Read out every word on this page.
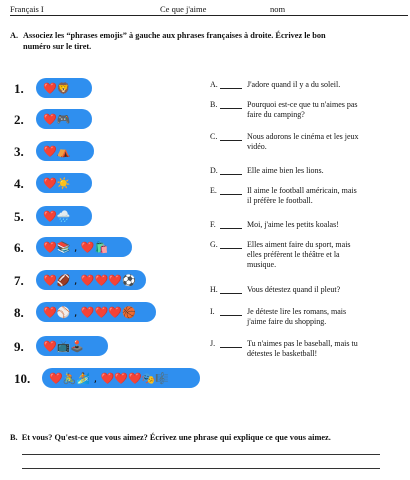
Français I	Ce que j'aime	nom
A. Associez les “phrases emojis” à gauche aux phrases françaises à droite. Écrivez le bon
numéro sur le tiret.
1. ❤️🦁
2. ❤️🎮
3. ❤️⛺
4. ❤️☀️
5. ❤️🌧️
6. ❤️📚 , ❤️🛍️
7. ❤️🏈 , ❤️❤️❤️⚽
8. ❤️⚾ , ❤️❤️❤️🏀
9. ❤️📺🕹️
10. ❤️🚴🏄 , ❤️❤️❤️🎭🎼
A.	J'adore quand il y a du soleil.
B.	Pourquoi est-ce que tu n'aimes pas
faire du camping?
C.	Nous adorons le cinéma et les jeux
vidéo.
D.	Elle aime bien les lions.
E.	Il aime le football américain, mais
il préfère le football.
F.	Moi, j'aime les petits koalas!
G.	Elles aiment faire du sport, mais
elles préfèrent le théâtre et la
musique.
H.	Vous détestez quand il pleut?
I.	Je déteste lire les romans, mais
j'aime faire du shopping.
J.	Tu n'aimes pas le baseball, mais tu
détestes le basketball!
B. Et vous? Qu'est-ce que vous aimez? Écrivez une phrase qui explique ce que vous aimez.
